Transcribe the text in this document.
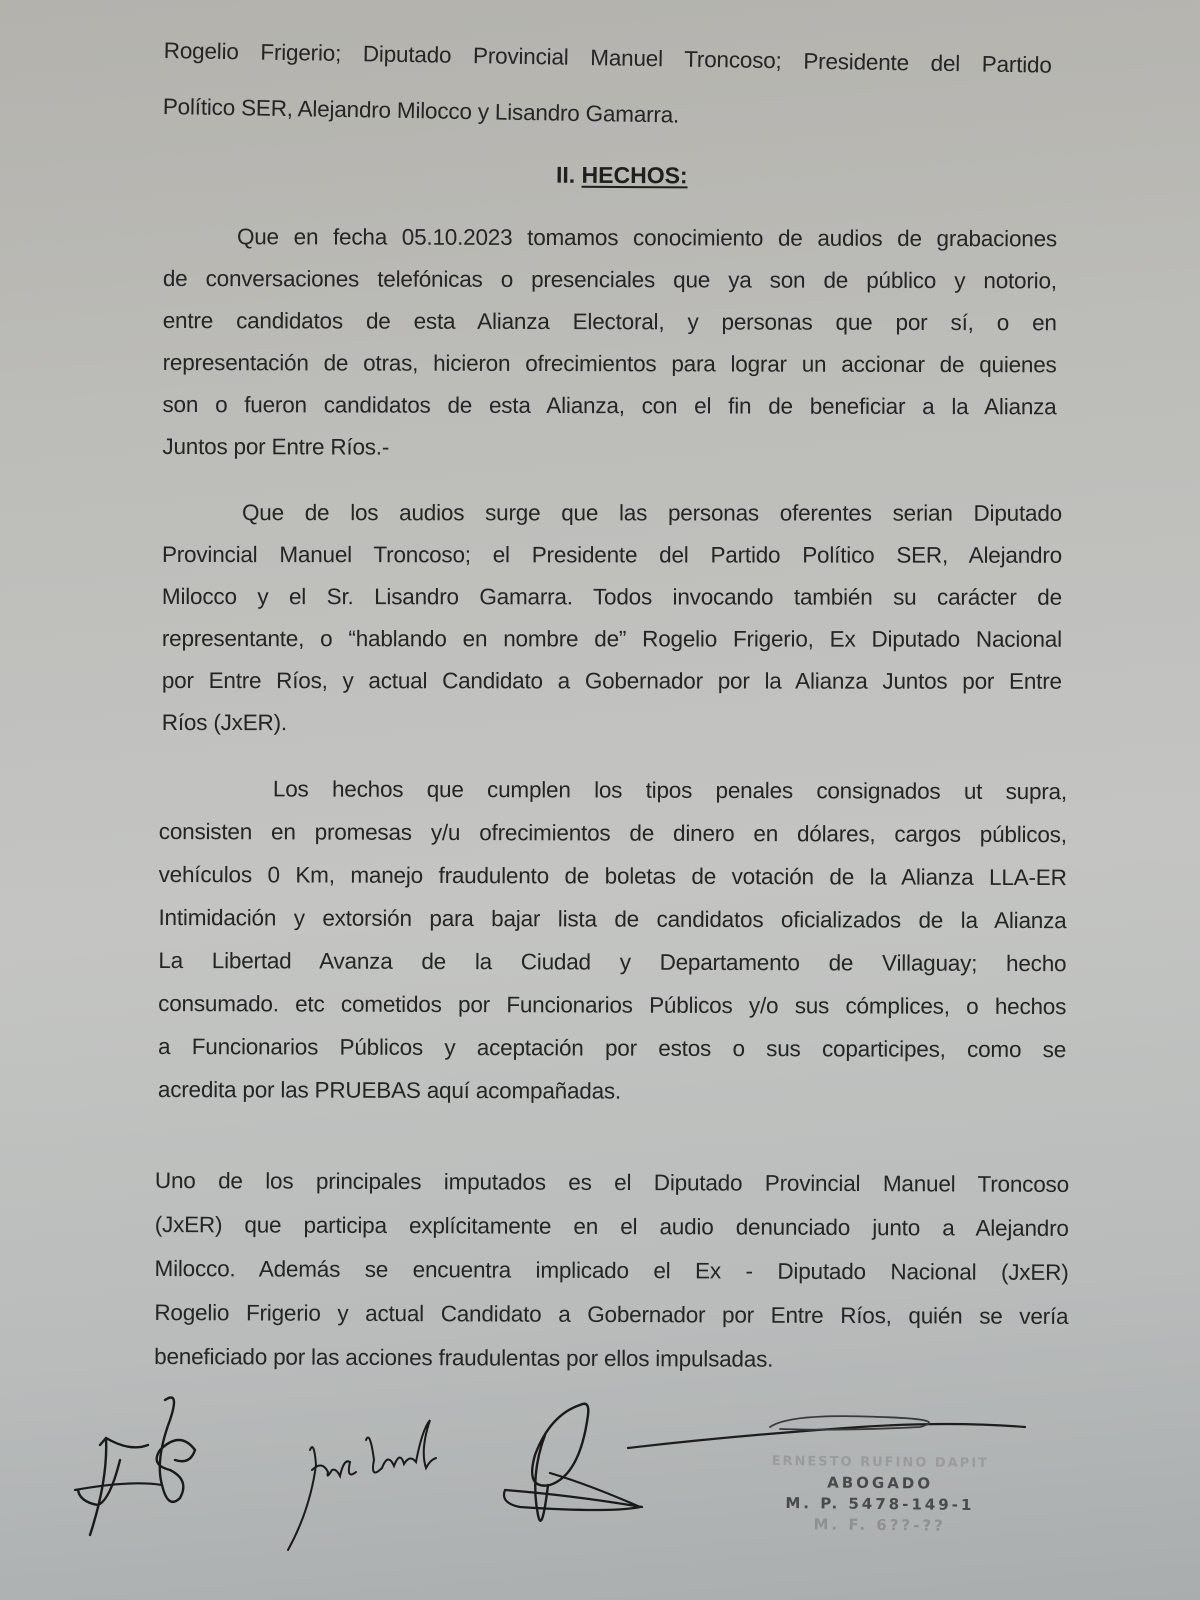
Rogelio Frigerio; Diputado Provincial Manuel Troncoso; Presidente del Partido
Político SER, Alejandro Milocco y Lisandro Gamarra.
II. HECHOS:
Que en fecha 05.10.2023 tomamos conocimiento de audios de grabaciones
de conversaciones telefónicas o presenciales que ya son de público y notorio,
entre candidatos de esta Alianza Electoral, y personas que por sí, o en
representación de otras, hicieron ofrecimientos para lograr un accionar de quienes
son o fueron candidatos de esta Alianza, con el fin de beneficiar a la Alianza
Juntos por Entre Ríos.-
Que de los audios surge que las personas oferentes serian Diputado
Provincial Manuel Troncoso; el Presidente del Partido Político SER, Alejandro
Milocco y el Sr. Lisandro Gamarra. Todos invocando también su carácter de
representante, o “hablando en nombre de” Rogelio Frigerio, Ex Diputado Nacional
por Entre Ríos, y actual Candidato a Gobernador por la Alianza Juntos por Entre
Ríos (JxER).
Los hechos que cumplen los tipos penales consignados ut supra,
consisten en promesas y/u ofrecimientos de dinero en dólares, cargos públicos,
vehículos 0 Km, manejo fraudulento de boletas de votación de la Alianza LLA-ER
Intimidación y extorsión para bajar lista de candidatos oficializados de la Alianza
La Libertad Avanza de la Ciudad y Departamento de Villaguay; hecho
consumado. etc cometidos por Funcionarios Públicos y/o sus cómplices, o hechos
a Funcionarios Públicos y aceptación por estos o sus coparticipes, como se
acredita por las PRUEBAS aquí acompañadas.
Uno de los principales imputados es el Diputado Provincial Manuel Troncoso
(JxER) que participa explícitamente en el audio denunciado junto a Alejandro
Milocco. Además se encuentra implicado el Ex - Diputado Nacional (JxER)
Rogelio Frigerio y actual Candidato a Gobernador por Entre Ríos, quién se vería
beneficiado por las acciones fraudulentas por ellos impulsadas.
ERNESTO RUFINO DAPIT
ABOGADO
M. P. 5478-149-1
M. F. 6??-??
